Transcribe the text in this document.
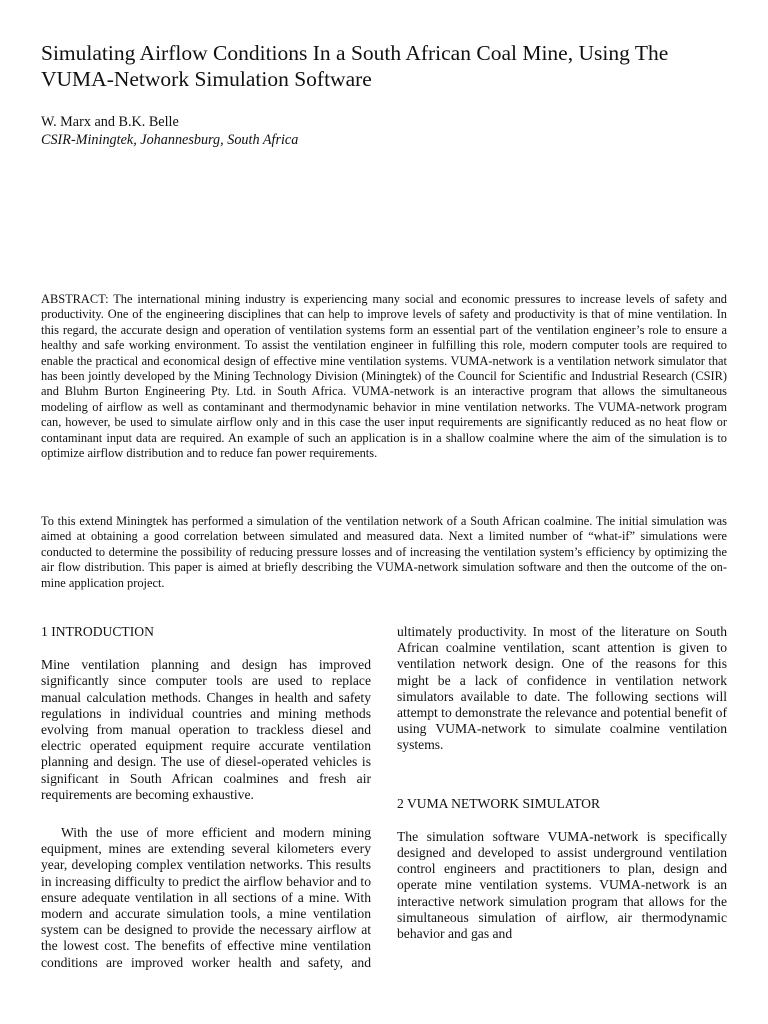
Simulating Airflow Conditions In a South African Coal Mine, Using The VUMA-Network Simulation Software
W. Marx and B.K. Belle
CSIR-Miningtek, Johannesburg, South Africa

ABSTRACT: The international mining industry is experiencing many social and economic pressures to increase levels of safety and productivity. One of the engineering disciplines that can help to improve levels of safety and productivity is that of mine ventilation. In this regard, the accurate design and operation of ventilation systems form an essential part of the ventilation engineer’s role to ensure a healthy and safe working environment. To assist the ventilation engineer in fulfilling this role, modern computer tools are required to enable the practical and economical design of effective mine ventilation systems. VUMA-network is a ventilation network simulator that has been jointly developed by the Mining Technology Division (Miningtek) of the Council for Scientific and Industrial Research (CSIR) and Bluhm Burton Engineering Pty. Ltd. in South Africa. VUMA-network is an interactive program that allows the simultaneous modeling of airflow as well as contaminant and thermodynamic behavior in mine ventilation networks. The VUMA-network program can, however, be used to simulate airflow only and in this case the user input requirements are significantly reduced as no heat flow or contaminant input data are required. An example of such an application is in a shallow coalmine where the aim of the simulation is to optimize airflow distribution and to reduce fan power requirements.

To this extend Miningtek has performed a simulation of the ventilation network of a South African coalmine. The initial simulation was aimed at obtaining a good correlation between simulated and measured data. Next a limited number of “what-if” simulations were conducted to determine the possibility of reducing pressure losses and of increasing the ventilation system’s efficiency by optimizing the air flow distribution. This paper is aimed at briefly describing the VUMA-network simulation software and then the outcome of the on-mine application project.

1 INTRODUCTION

Mine ventilation planning and design has improved significantly since computer tools are used to replace manual calculation methods. Changes in health and safety regulations in individual countries and mining methods evolving from manual operation to trackless diesel and electric operated equipment require accurate ventilation planning and design. The use of diesel-operated vehicles is significant in South African coalmines and fresh air requirements are becoming exhaustive.

With the use of more efficient and modern mining equipment, mines are extending several kilometers every year, developing complex ventilation networks. This results in increasing difficulty to predict the airflow behavior and to ensure adequate ventilation in all sections of a mine. With modern and accurate simulation tools, a mine ventilation system can be designed to provide the necessary airflow at the lowest cost. The benefits of effective mine ventilation conditions are improved worker health and safety, and ultimately productivity. In most of the literature on South African coalmine ventilation, scant attention is given to ventilation network design. One of the reasons for this might be a lack of confidence in ventilation network simulators available to date. The following sections will attempt to demonstrate the relevance and potential benefit of using VUMA-network to simulate coalmine ventilation systems.

2 VUMA NETWORK SIMULATOR

The simulation software VUMA-network is specifically designed and developed to assist underground ventilation control engineers and practitioners to plan, design and operate mine ventilation systems. VUMA-network is an interactive network simulation program that allows for the simultaneous simulation of airflow, air thermodynamic behavior and gas and
